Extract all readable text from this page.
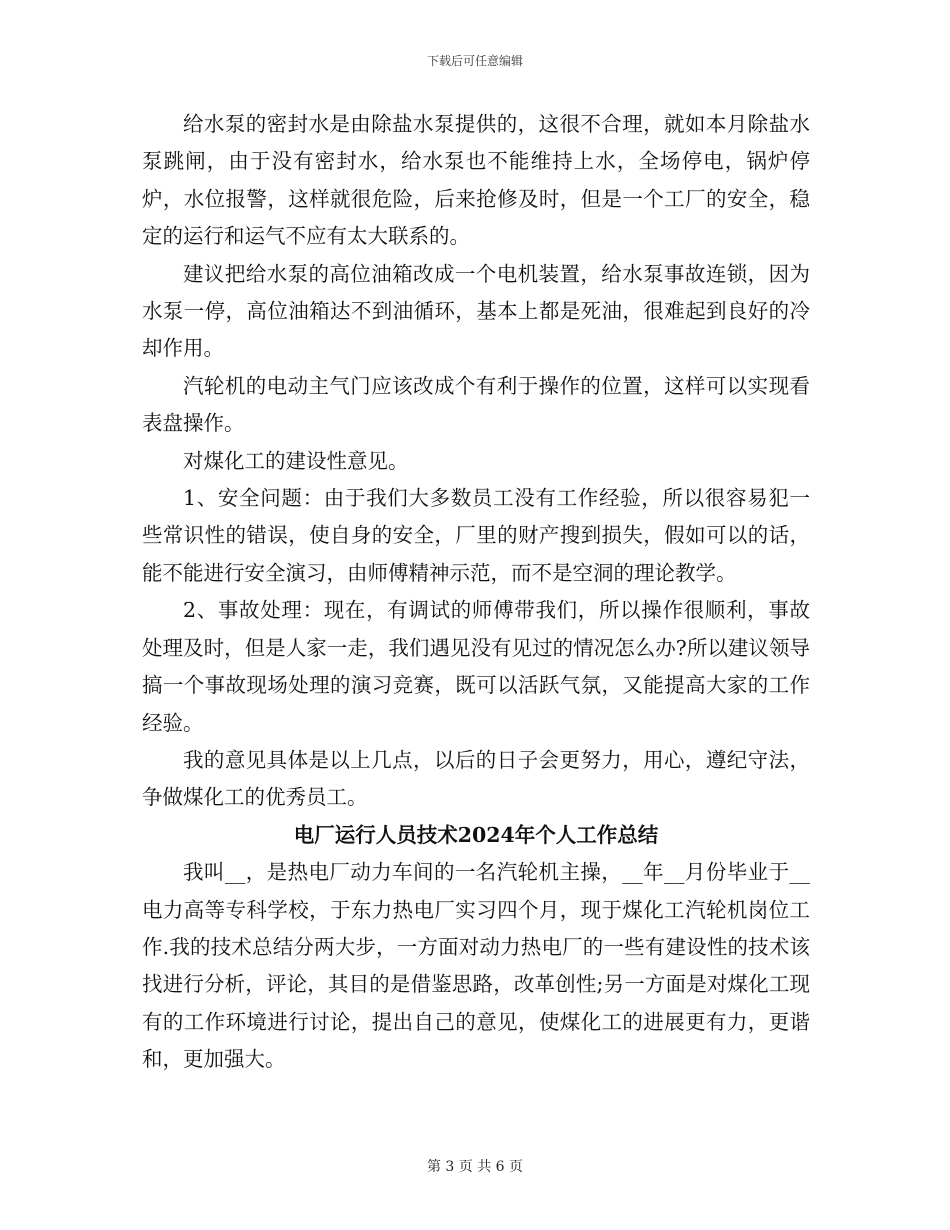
下载后可任意编辑

给水泵的密封水是由除盐水泵提供的，这很不合理，就如本月除盐水泵跳闸，由于没有密封水，给水泵也不能维持上水，全场停电，锅炉停炉，水位报警，这样就很危险，后来抢修及时，但是一个工厂的安全，稳定的运行和运气不应有太大联系的。

建议把给水泵的高位油箱改成一个电机装置，给水泵事故连锁，因为水泵一停，高位油箱达不到油循环，基本上都是死油，很难起到良好的冷却作用。

汽轮机的电动主气门应该改成个有利于操作的位置，这样可以实现看表盘操作。

对煤化工的建设性意见。

1、安全问题：由于我们大多数员工没有工作经验，所以很容易犯一些常识性的错误，使自身的安全，厂里的财产搜到损失，假如可以的话，能不能进行安全演习，由师傅精神示范，而不是空洞的理论教学。

2、事故处理：现在，有调试的师傅带我们，所以操作很顺利，事故处理及时，但是人家一走，我们遇见没有见过的情况怎么办?所以建议领导搞一个事故现场处理的演习竞赛，既可以活跃气氛，又能提高大家的工作经验。

我的意见具体是以上几点，以后的日子会更努力，用心，遵纪守法，争做煤化工的优秀员工。

电厂运行人员技术2024年个人工作总结

我叫__，是热电厂动力车间的一名汽轮机主操，__年__月份毕业于__电力高等专科学校，于东力热电厂实习四个月，现于煤化工汽轮机岗位工作.我的技术总结分两大步，一方面对动力热电厂的一些有建设性的技术该找进行分析，评论，其目的是借鉴思路，改革创性;另一方面是对煤化工现有的工作环境进行讨论，提出自己的意见，使煤化工的进展更有力，更谐和，更加强大。

第 3 页 共 6 页
